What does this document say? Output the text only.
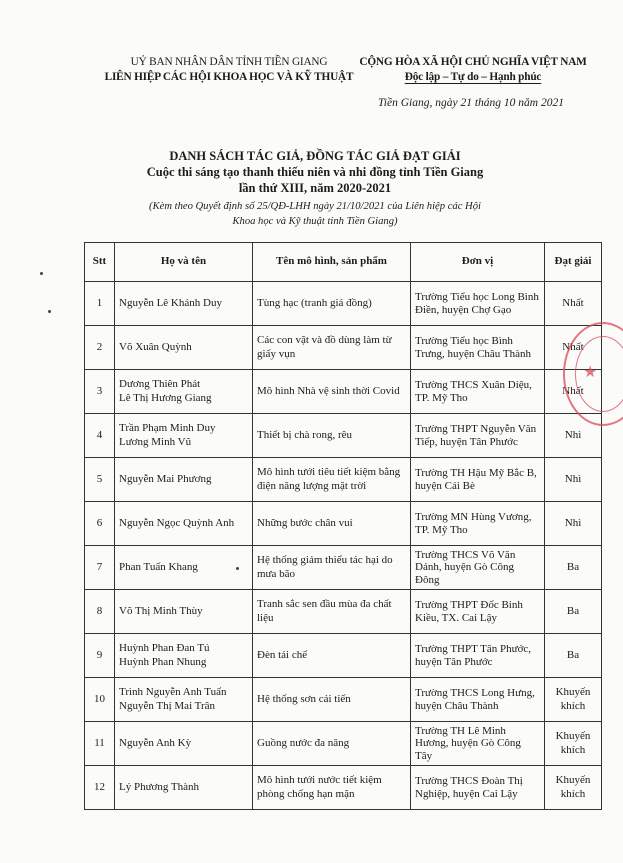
UỶ BAN NHÂN DÂN TỈNH TIỀN GIANG
LIÊN HIỆP CÁC HỘI KHOA HỌC VÀ KỸ THUẬT
CỘNG HÒA XÃ HỘI CHỦ NGHĨA VIỆT NAM
Độc lập – Tự do – Hạnh phúc
Tiền Giang, ngày 21 tháng 10 năm 2021
DANH SÁCH TÁC GIẢ, ĐỒNG TÁC GIẢ ĐẠT GIẢI
Cuộc thi sáng tạo thanh thiếu niên và nhi đồng tỉnh Tiền Giang
lần thứ XIII, năm 2020-2021
(Kèm theo Quyết định số 25/QĐ-LHH ngày 21/10/2021 của Liên hiệp các Hội
Khoa học và Kỹ thuật tỉnh Tiền Giang)
Stt	Họ và tên	Tên mô hình, sản phẩm	Đơn vị	Đạt giải
1	Nguyễn Lê Khánh Duy	Tùng hạc (tranh giá đồng)	Trường Tiểu học Long Bình Điền, huyện Chợ Gạo	Nhất
2	Võ Xuân Quỳnh	Các con vật và đồ dùng làm từ giấy vụn	Trường Tiểu học Bình Trưng, huyện Châu Thành	Nhất
3	Dương Thiên Phát
Lê Thị Hương Giang	Mô hình Nhà vệ sinh thời Covid	Trường THCS Xuân Diệu, TP. Mỹ Tho	Nhất
4	Trần Phạm Minh Duy
Lương Minh Vũ	Thiết bị chà rong, rêu	Trường THPT Nguyễn Văn Tiếp, huyện Tân Phước	Nhì
5	Nguyễn Mai Phương	Mô hình tưới tiêu tiết kiệm bằng điện năng lượng mặt trời	Trường TH Hậu Mỹ Bắc B, huyện Cái Bè	Nhì
6	Nguyễn Ngọc Quỳnh Anh	Những bước chân vui	Trường MN Hùng Vương, TP. Mỹ Tho	Nhì
7	Phan Tuấn Khang	Hệ thống giảm thiểu tác hại do mưa bão	Trường THCS Võ Văn Dánh, huyện Gò Công Đông	Ba
8	Võ Thị Minh Thùy	Tranh sắc sen đầu mùa đa chất liệu	Trường THPT Đốc Binh Kiều, TX. Cai Lậy	Ba
9	Huỳnh Phan Đan Tú
Huỳnh Phan Nhung	Đèn tái chế	Trường THPT Tân Phước, huyện Tân Phước	Ba
10	Trình Nguyễn Anh Tuấn
Nguyễn Thị Mai Trân	Hệ thống sơn cải tiến	Trường THCS Long Hưng, huyện Châu Thành	Khuyến khích
11	Nguyễn Anh Kỳ	Guồng nước đa năng	Trường TH Lê Minh Hương, huyện Gò Công Tây	Khuyến khích
12	Lý Phương Thành	Mô hình tưới nước tiết kiệm phòng chống hạn mặn	Trường THCS Đoàn Thị Nghiệp, huyện Cai Lậy	Khuyến khích
★
